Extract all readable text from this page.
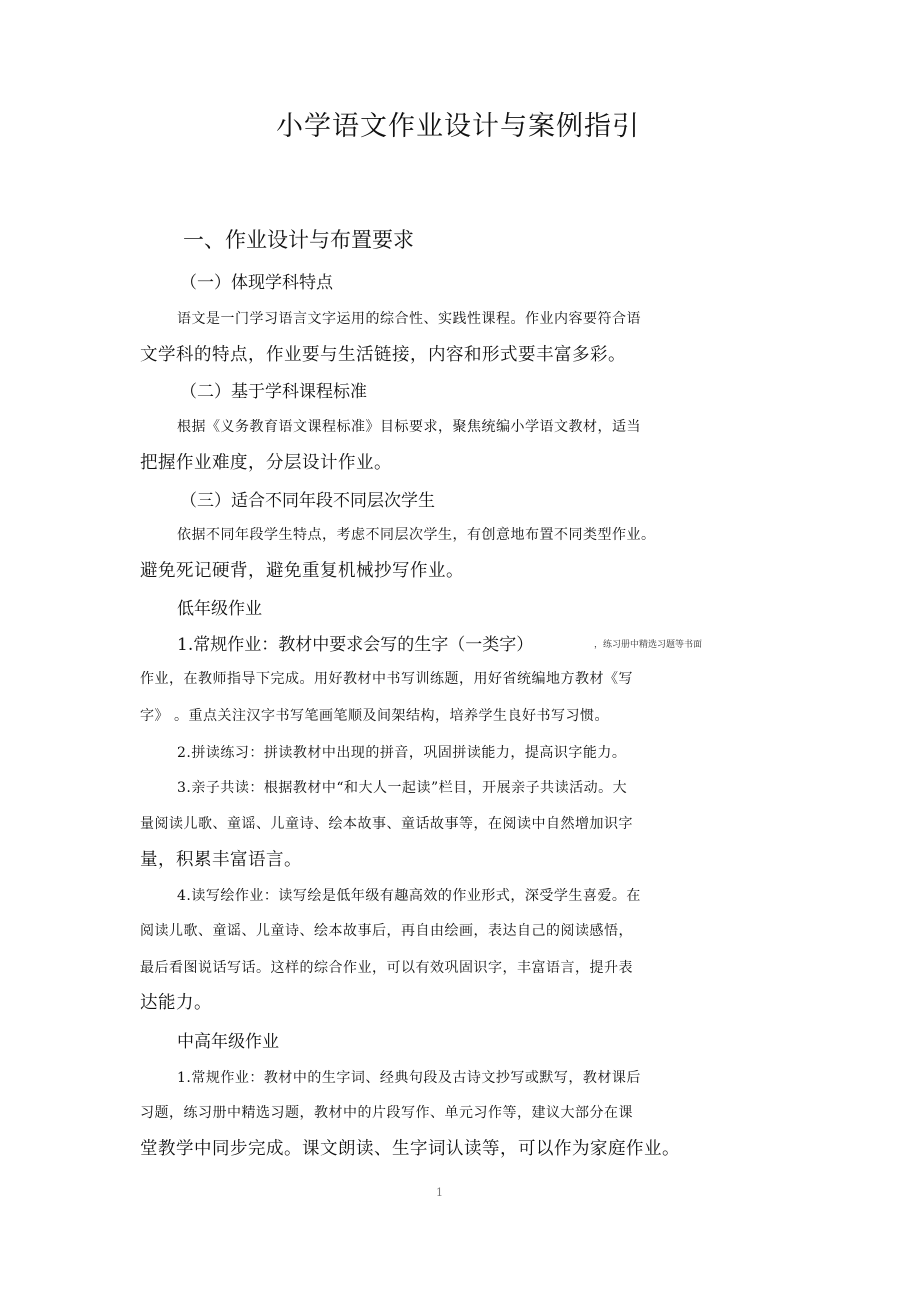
小学语文作业设计与案例指引
一、作业设计与布置要求
（一）体现学科特点
语文是一门学习语言文字运用的综合性、实践性课程。作业内容要符合语
文学科的特点，作业要与生活链接，内容和形式要丰富多彩。
（二）基于学科课程标准
根据《义务教育语文课程标准》目标要求，聚焦统编小学语文教材，适当
把握作业难度，分层设计作业。
（三）适合不同年段不同层次学生
依据不同年段学生特点，考虑不同层次学生，有创意地布置不同类型作业。
避免死记硬背，避免重复机械抄写作业。
低年级作业
1.常规作业：教材中要求会写的生字（一类字）	，练习册中精选习题等书面
作业，在教师指导下完成。用好教材中书写训练题，用好省统编地方教材《写
字》 。重点关注汉字书写笔画笔顺及间架结构，培养学生良好书写习惯。
2.拼读练习：拼读教材中出现的拼音，巩固拼读能力，提高识字能力。
3.亲子共读：根据教材中“和大人一起读”栏目，开展亲子共读活动。大
量阅读儿歌、童谣、儿童诗、绘本故事、童话故事等，在阅读中自然增加识字
量，积累丰富语言。
4.读写绘作业：读写绘是低年级有趣高效的作业形式，深受学生喜爱。在
阅读儿歌、童谣、儿童诗、绘本故事后，再自由绘画，表达自己的阅读感悟，
最后看图说话写话。这样的综合作业，可以有效巩固识字，丰富语言，提升表
达能力。
中高年级作业
1.常规作业：教材中的生字词、经典句段及古诗文抄写或默写，教材课后
习题，练习册中精选习题，教材中的片段写作、单元习作等，建议大部分在课
堂教学中同步完成。课文朗读、生字词认读等，可以作为家庭作业。
1
